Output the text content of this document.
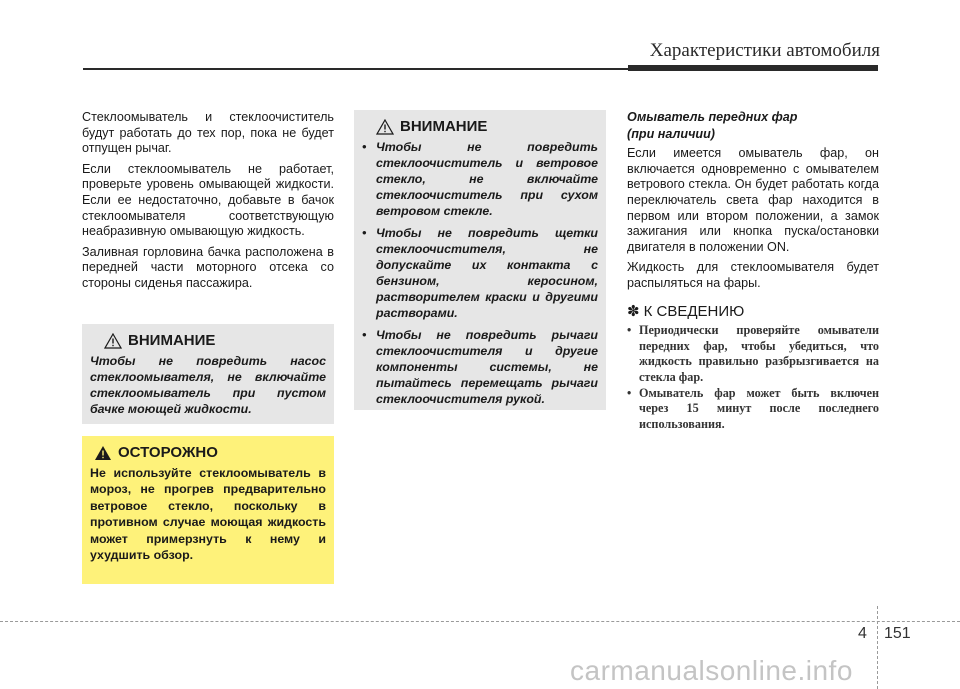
Характеристики автомобиля

Стеклоомыватель и стеклоочиститель будут работать до тех пор, пока не будет отпущен рычаг.

Если стеклоомыватель не работает, проверьте уровень омывающей жидкости. Если ее недостаточно, добавьте в бачок стеклоомывателя соответствующую неабразивную омывающую жидкость.

Заливная горловина бачка расположена в передней части моторного отсека со стороны сиденья пассажира.

ВНИМАНИЕ
Чтобы не повредить насос стеклоомывателя, не включайте стеклоомыватель при пустом бачке моющей жидкости.
ОСТОРОЖНО
Не используйте стеклоомыватель в мороз, не прогрев предварительно ветровое стекло, поскольку в противном случае моющая жидкость может примерзнуть к нему и ухудшить обзор.
ВНИМАНИЕ
• Чтобы не повредить стеклоочиститель и ветровое стекло, не включайте стеклоочиститель при сухом ветровом стекле.
• Чтобы не повредить щетки стеклоочистителя, не допускайте их контакта с бензином, керосином, растворителем краски и другими растворами.
• Чтобы не повредить рычаги стеклоочистителя и другие компоненты системы, не пытайтесь перемещать рычаги стеклоочистителя рукой.
Омыватель передних фар
(при наличии)

Если имеется омыватель фар, он включается одновременно с омывателем ветрового стекла. Он будет работать когда переключатель света фар находится в первом или втором положении, а замок зажигания или кнопка пуска/остановки двигателя в положении ON.

Жидкость для стеклоомывателя будет распыляться на фары.

✽ К СВЕДЕНИЮ
• Периодически проверяйте омыватели передних фар, чтобы убедиться, что жидкость правильно разбрызгивается на стекла фар.
• Омыватель фар может быть включен через 15 минут после последнего использования.
4 151
carmanualsonline.info
